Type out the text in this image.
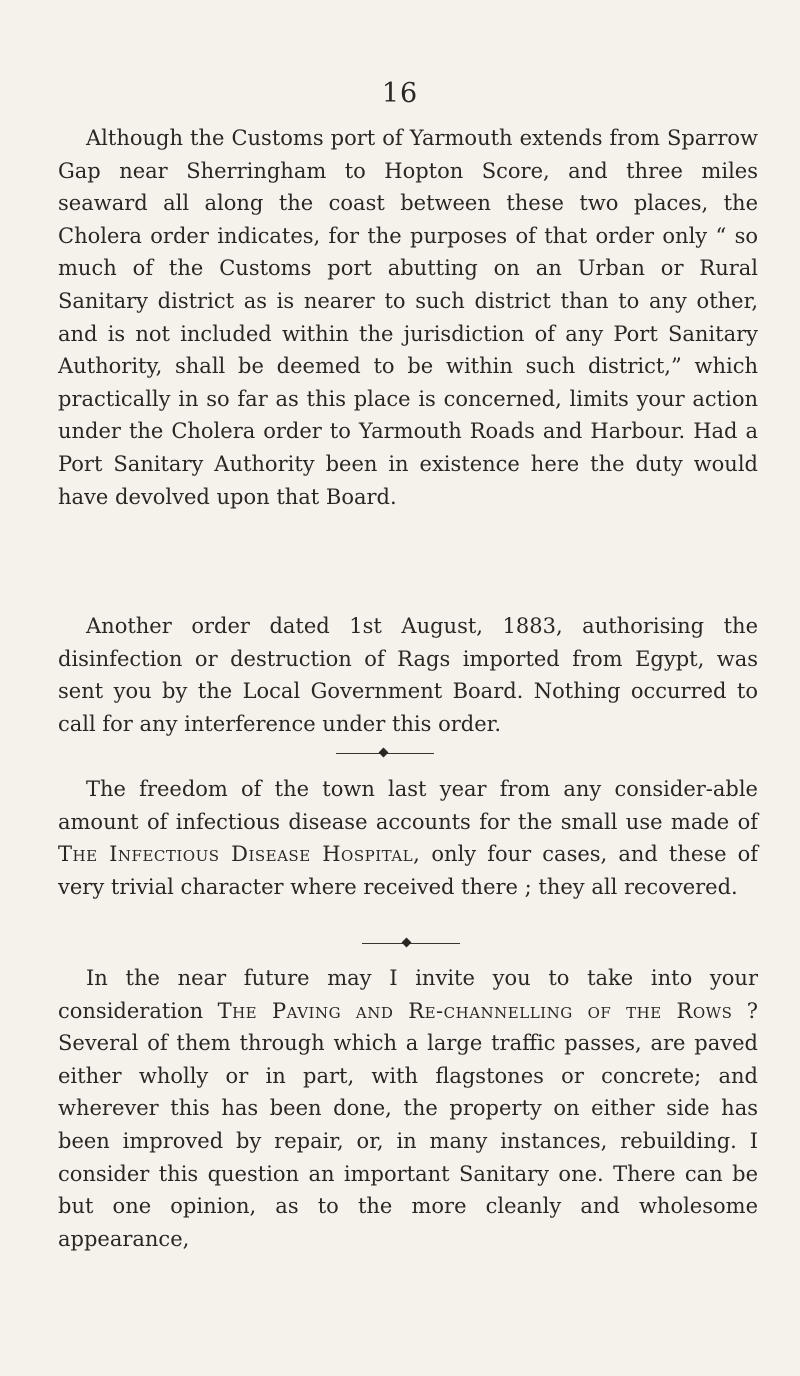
16

Although the Customs port of Yarmouth extends from Sparrow Gap near Sherringham to Hopton Score, and three miles seaward all along the coast between these two places, the Cholera order indicates, for the purposes of that order only “ so much of the Customs port abutting on an Urban or Rural Sanitary district as is nearer to such district than to any other, and is not included within the jurisdiction of any Port Sanitary Authority, shall be deemed to be within such district,” which practically in so far as this place is concerned, limits your action under the Cholera order to Yarmouth Roads and Harbour. Had a Port Sanitary Authority been in existence here the duty would have devolved upon that Board.

Another order dated 1st August, 1883, authorising the disinfection or destruction of Rags imported from Egypt, was sent you by the Local Government Board. Nothing occurred to call for any interference under this order.

The freedom of the town last year from any consider-able amount of infectious disease accounts for the small use made of The Infectious Disease Hospital, only four cases, and these of very trivial character where received there ; they all recovered.

In the near future may I invite you to take into your consideration The Paving and Re-channelling of the Rows ? Several of them through which a large traffic passes, are paved either wholly or in part, with flagstones or concrete; and wherever this has been done, the property on either side has been improved by repair, or, in many instances, rebuilding. I consider this question an important Sanitary one. There can be but one opinion, as to the more cleanly and wholesome appearance,
